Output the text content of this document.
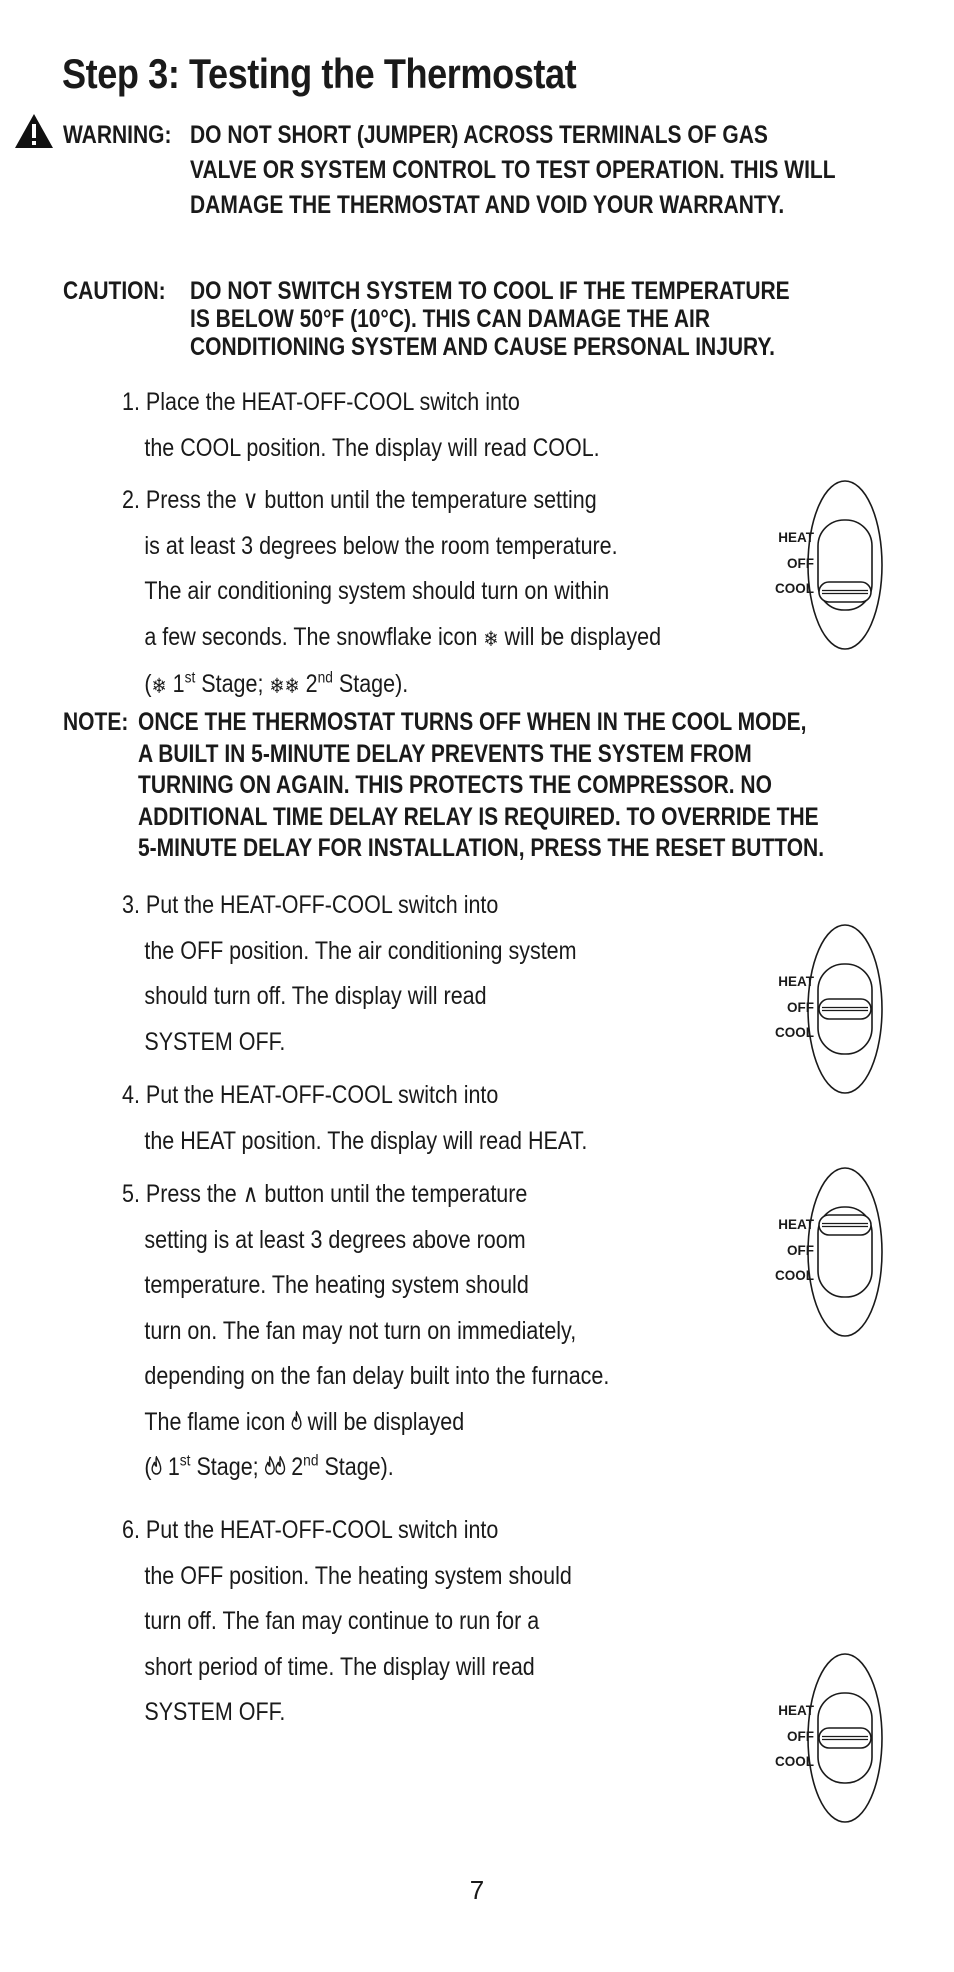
Step 3: Testing the Thermostat
WARNING: DO NOT SHORT (JUMPER) ACROSS TERMINALS OF GAS
VALVE OR SYSTEM CONTROL TO TEST OPERATION. THIS WILL
DAMAGE THE THERMOSTAT AND VOID YOUR WARRANTY.
CAUTION: DO NOT SWITCH SYSTEM TO COOL IF THE TEMPERATURE
IS BELOW 50°F (10°C). THIS CAN DAMAGE THE AIR
CONDITIONING SYSTEM AND CAUSE PERSONAL INJURY.
1. Place the HEAT-OFF-COOL switch into
the COOL position. The display will read COOL.
2. Press the ∨ button until the temperature setting
is at least 3 degrees below the room temperature.
The air conditioning system should turn on within
a few seconds. The snowflake icon ❄ will be displayed
(❄ 1st Stage; ❄❄ 2nd Stage).
NOTE: ONCE THE THERMOSTAT TURNS OFF WHEN IN THE COOL MODE,
A BUILT IN 5-MINUTE DELAY PREVENTS THE SYSTEM FROM
TURNING ON AGAIN. THIS PROTECTS THE COMPRESSOR. NO
ADDITIONAL TIME DELAY RELAY IS REQUIRED. TO OVERRIDE THE
5-MINUTE DELAY FOR INSTALLATION, PRESS THE RESET BUTTON.
3. Put the HEAT-OFF-COOL switch into
the OFF position. The air conditioning system
should turn off. The display will read
SYSTEM OFF.
4. Put the HEAT-OFF-COOL switch into
the HEAT position. The display will read HEAT.
5. Press the ∧ button until the temperature
setting is at least 3 degrees above room
temperature. The heating system should
turn on. The fan may not turn on immediately,
depending on the fan delay built into the furnace.
The flame icon  will be displayed
( 1st Stage;  2nd Stage).
6. Put the HEAT-OFF-COOL switch into
the OFF position. The heating system should
turn off. The fan may continue to run for a
short period of time. The display will read
SYSTEM OFF.
HEAT
OFF
COOL
HEAT
OFF
COOL
HEAT
OFF
COOL
HEAT
OFF
COOL
7
